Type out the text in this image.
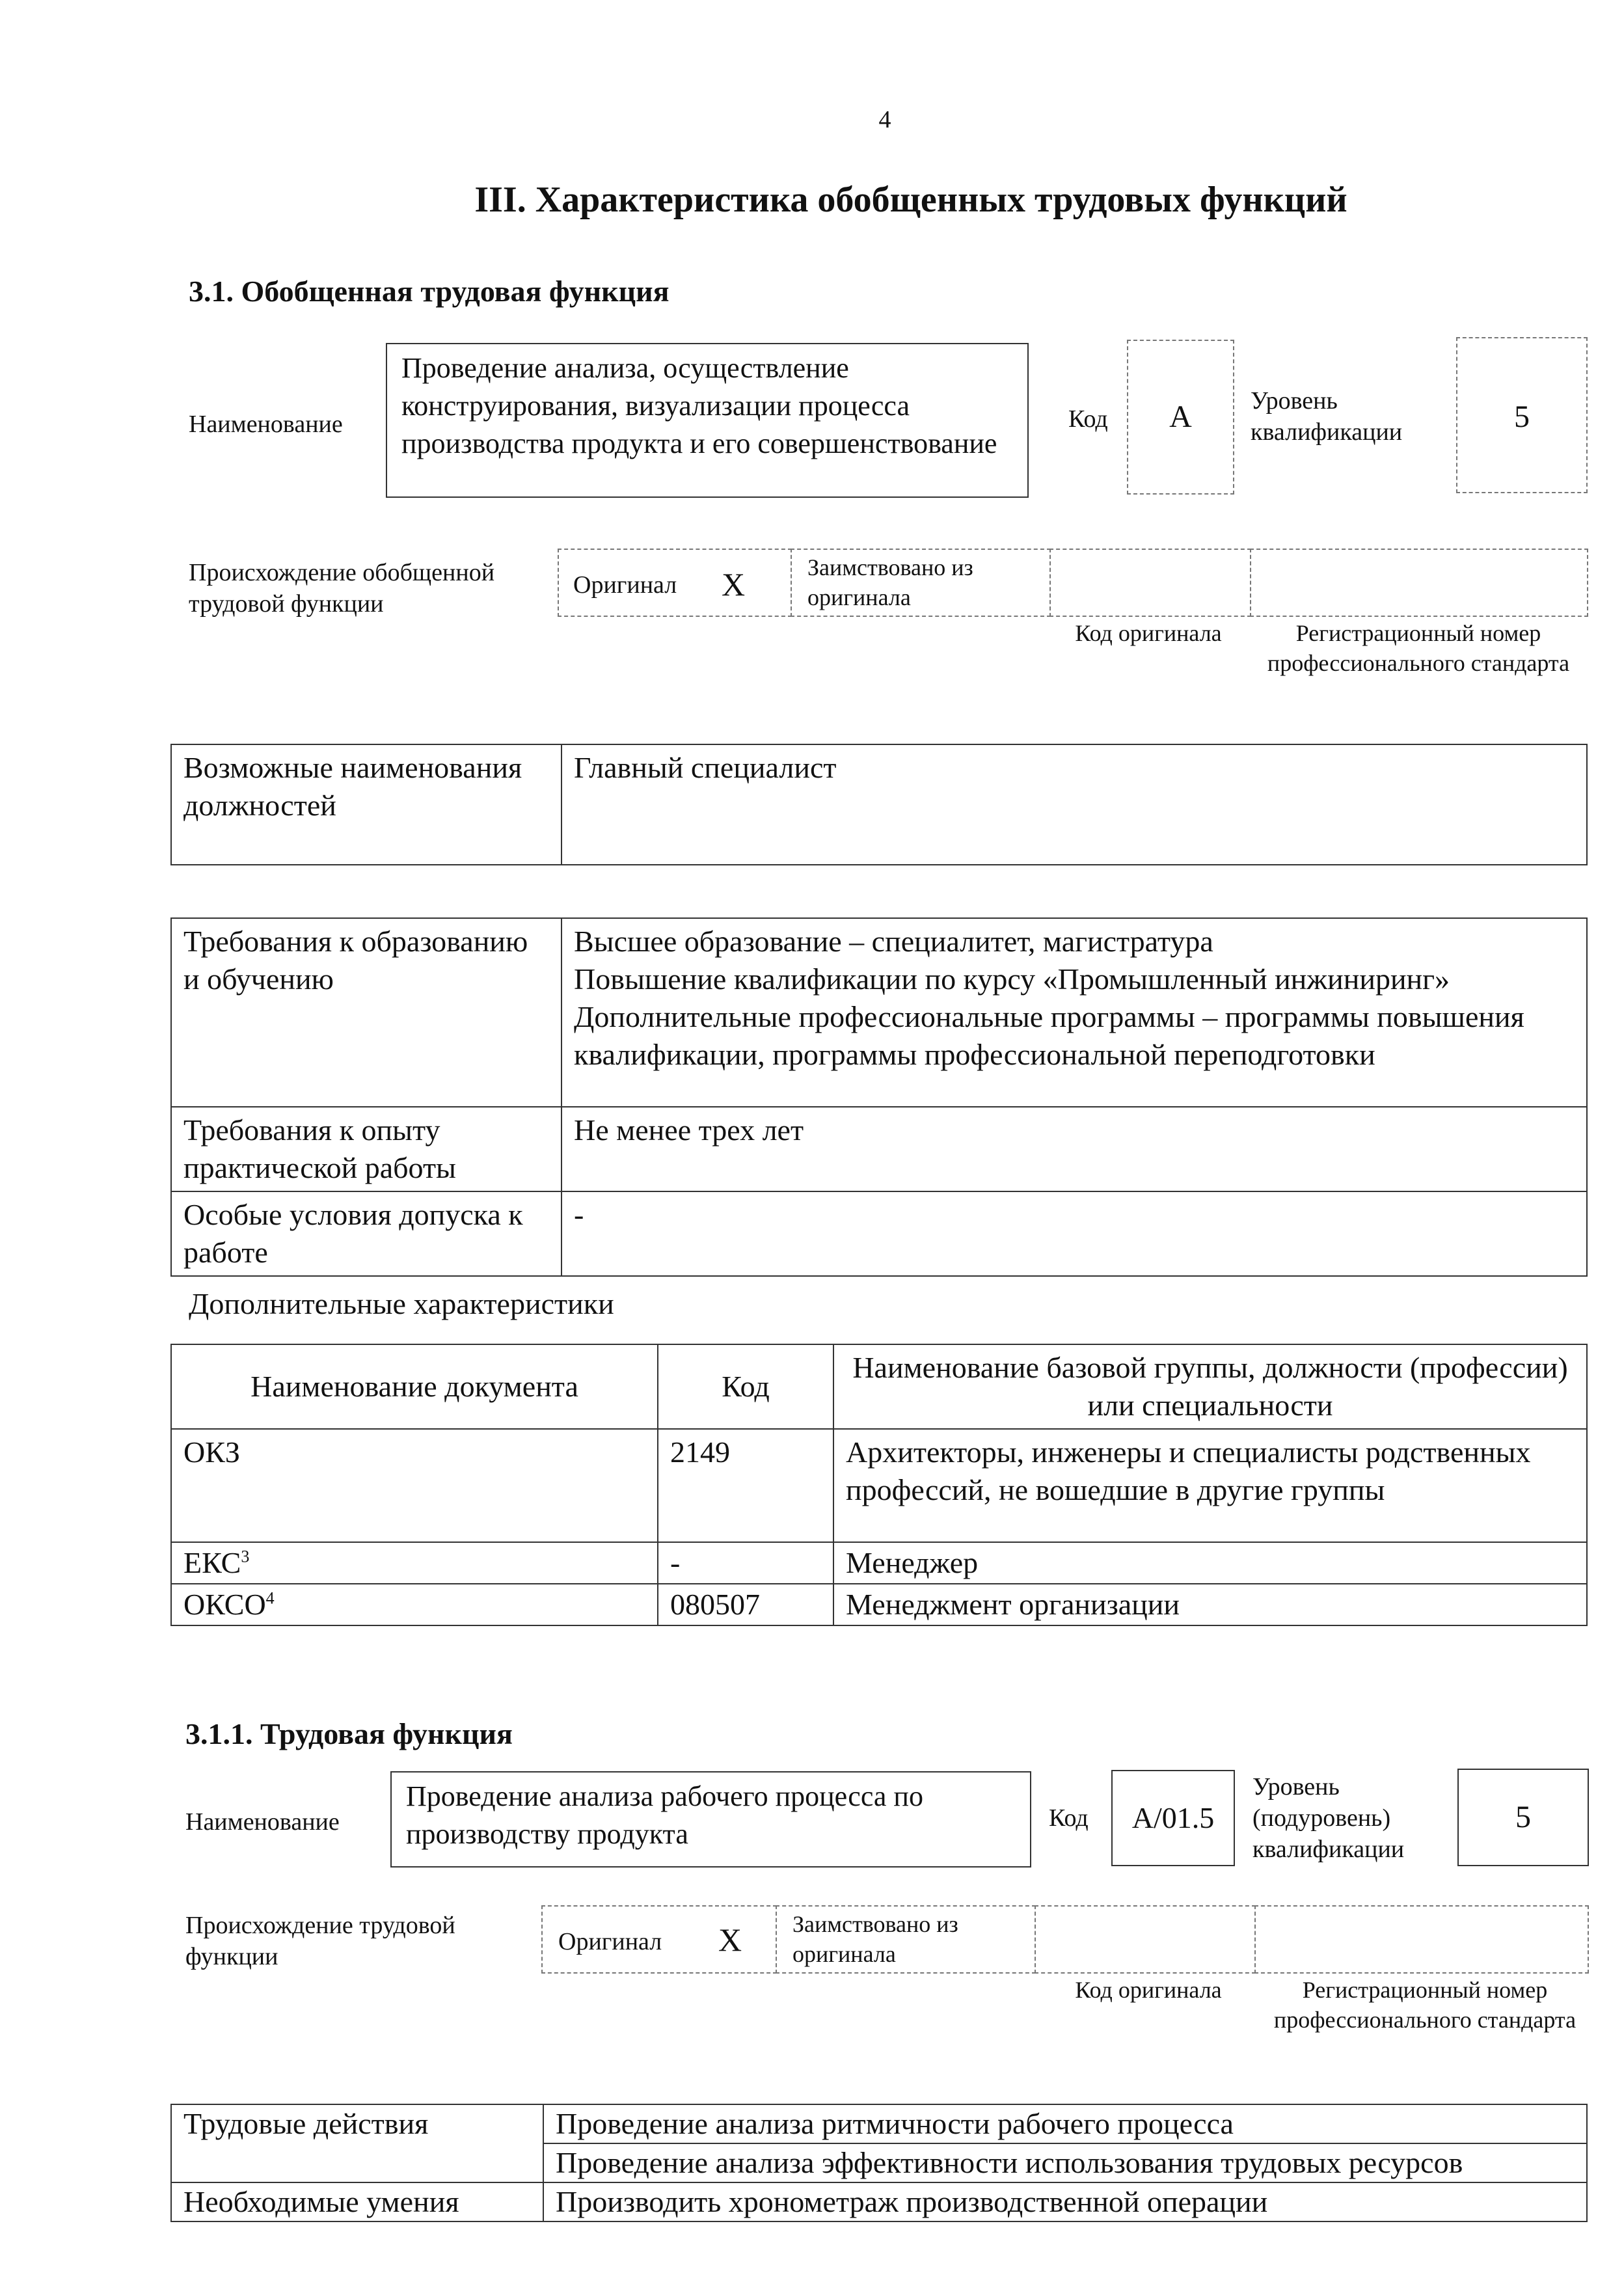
4
III. Характеристика обобщенных трудовых функций
3.1. Обобщенная трудовая функция
Наименование
Проведение анализа, осуществление конструирования, визуализации процесса производства продукта и его совершенствование
Код	А	Уровень квалификации	5
Происхождение обобщенной трудовой функции
Оригинал X	Заимствовано из оригинала
Код оригинала	Регистрационный номер профессионального стандарта
Возможные наименования должностей	Главный специалист
Требования к образованию и обучению	Высшее образование – специалитет, магистратура
Повышение квалификации по курсу «Промышленный инжиниринг»
Дополнительные профессиональные программы – программы повышения квалификации, программы профессиональной переподготовки

Требования к опыту практической работы	Не менее трех лет
Особые условия допуска к работе	-
Дополнительные характеристики
Наименование документа	Код	Наименование базовой группы, должности (профессии) или специальности
ОКЗ	2149	Архитекторы, инженеры и специалисты родственных профессий, не вошедшие в другие группы
ЕКС$^3$	-	Менеджер
ОКСО$^4$	080507	Менеджмент организации
3.1.1. Трудовая функция
Наименование
Проведение анализа рабочего процесса по производству продукта	Код	А/01.5
Уровень (подуровень) квалификации
5
Происхождение трудовой функции
Оригинал X Заимствовано из оригинала
Код оригинала	Регистрационный номер профессионального стандарта
Трудовые действия	Проведение анализа ритмичности рабочего процесса
	Проведение анализа эффективности использования трудовых ресурсов
Необходимые умения	Производить хронометраж производственной операции
